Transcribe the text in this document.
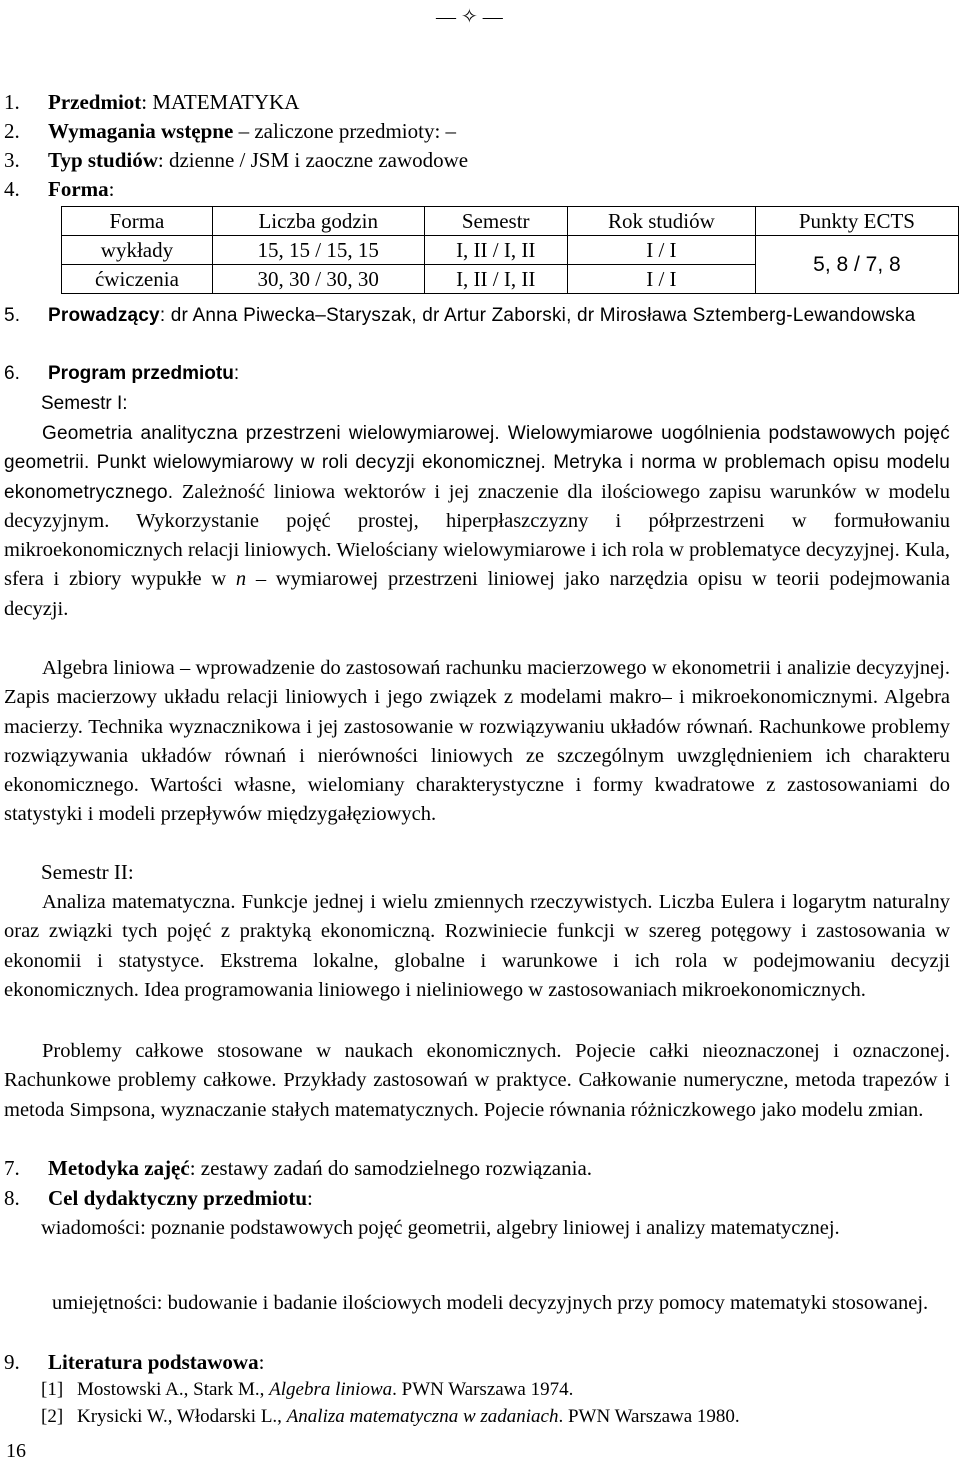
— ✧ —
1. Przedmiot: MATEMATYKA
2. Wymagania wstępne – zaliczone przedmioty: –
3. Typ studiów: dzienne / JSM i zaoczne zawodowe
4. Forma:
Forma	Liczba godzin	Semestr	Rok studiów	Punkty ECTS
wykłady	15, 15 / 15, 15	I, II / I, II	I / I	5, 8 / 7, 8
ćwiczenia	30, 30 / 30, 30	I, II / I, II	I / I	
5. Prowadzący: dr Anna Piwecka–Staryszak, dr Artur Zaborski, dr Mirosława Sztemberg-Lewandowska
6. Program przedmiotu:
Semestr I:
Geometria analityczna przestrzeni wielowymiarowej. Wielowymiarowe uogólnienia podstawowych pojęć geometrii. Punkt wielowymiarowy w roli decyzji ekonomicznej. Metryka i norma w problemach opisu modelu ekonometrycznego. Zależność liniowa wektorów i jej znaczenie dla ilościowego zapisu warunków w modelu decyzyjnym. Wykorzystanie pojęć prostej, hiperpłaszczyzny i półprzestrzeni w formułowaniu mikroekonomicznych relacji liniowych. Wielościany wielowymiarowe i ich rola w problematyce decyzyjnej. Kula, sfera i zbiory wypukłe w n – wymiarowej przestrzeni liniowej jako narzędzia opisu w teorii podejmowania decyzji.
Algebra liniowa – wprowadzenie do zastosowań rachunku macierzowego w ekonometrii i analizie decyzyjnej. Zapis macierzowy układu relacji liniowych i jego związek z modelami makro– i mikroekonomicznymi. Algebra macierzy. Technika wyznacznikowa i jej zastosowanie w rozwiązywaniu układów równań. Rachunkowe problemy rozwiązywania układów równań i nierówności liniowych ze szczególnym uwzględnieniem ich charakteru ekonomicznego. Wartości własne, wielomiany charakterystyczne i formy kwadratowe z zastosowaniami do statystyki i modeli przepływów międzygałęziowych.
Semestr II:
Analiza matematyczna. Funkcje jednej i wielu zmiennych rzeczywistych. Liczba Eulera i logarytm naturalny oraz związki tych pojęć z praktyką ekonomiczną. Rozwiniecie funkcji w szereg potęgowy i zastosowania w ekonomii i statystyce. Ekstrema lokalne, globalne i warunkowe i ich rola w podejmowaniu decyzji ekonomicznych. Idea programowania liniowego i nieliniowego w zastosowaniach mikroekonomicznych.
Problemy całkowe stosowane w naukach ekonomicznych. Pojecie całki nieoznaczonej i oznaczonej. Rachunkowe problemy całkowe. Przykłady zastosowań w praktyce. Całkowanie numeryczne, metoda trapezów i metoda Simpsona, wyznaczanie stałych matematycznych. Pojecie równania różniczkowego jako modelu zmian.
7. Metodyka zajęć: zestawy zadań do samodzielnego rozwiązania.
8. Cel dydaktyczny przedmiotu:
wiadomości: poznanie podstawowych pojęć geometrii, algebry liniowej i analizy matematycznej.
umiejętności: budowanie i badanie ilościowych modeli decyzyjnych przy pomocy matematyki stosowanej.
9. Literatura podstawowa:
[1] Mostowski A., Stark M., Algebra liniowa. PWN Warszawa 1974.
[2] Krysicki W., Włodarski L., Analiza matematyczna w zadaniach. PWN Warszawa 1980.
16
